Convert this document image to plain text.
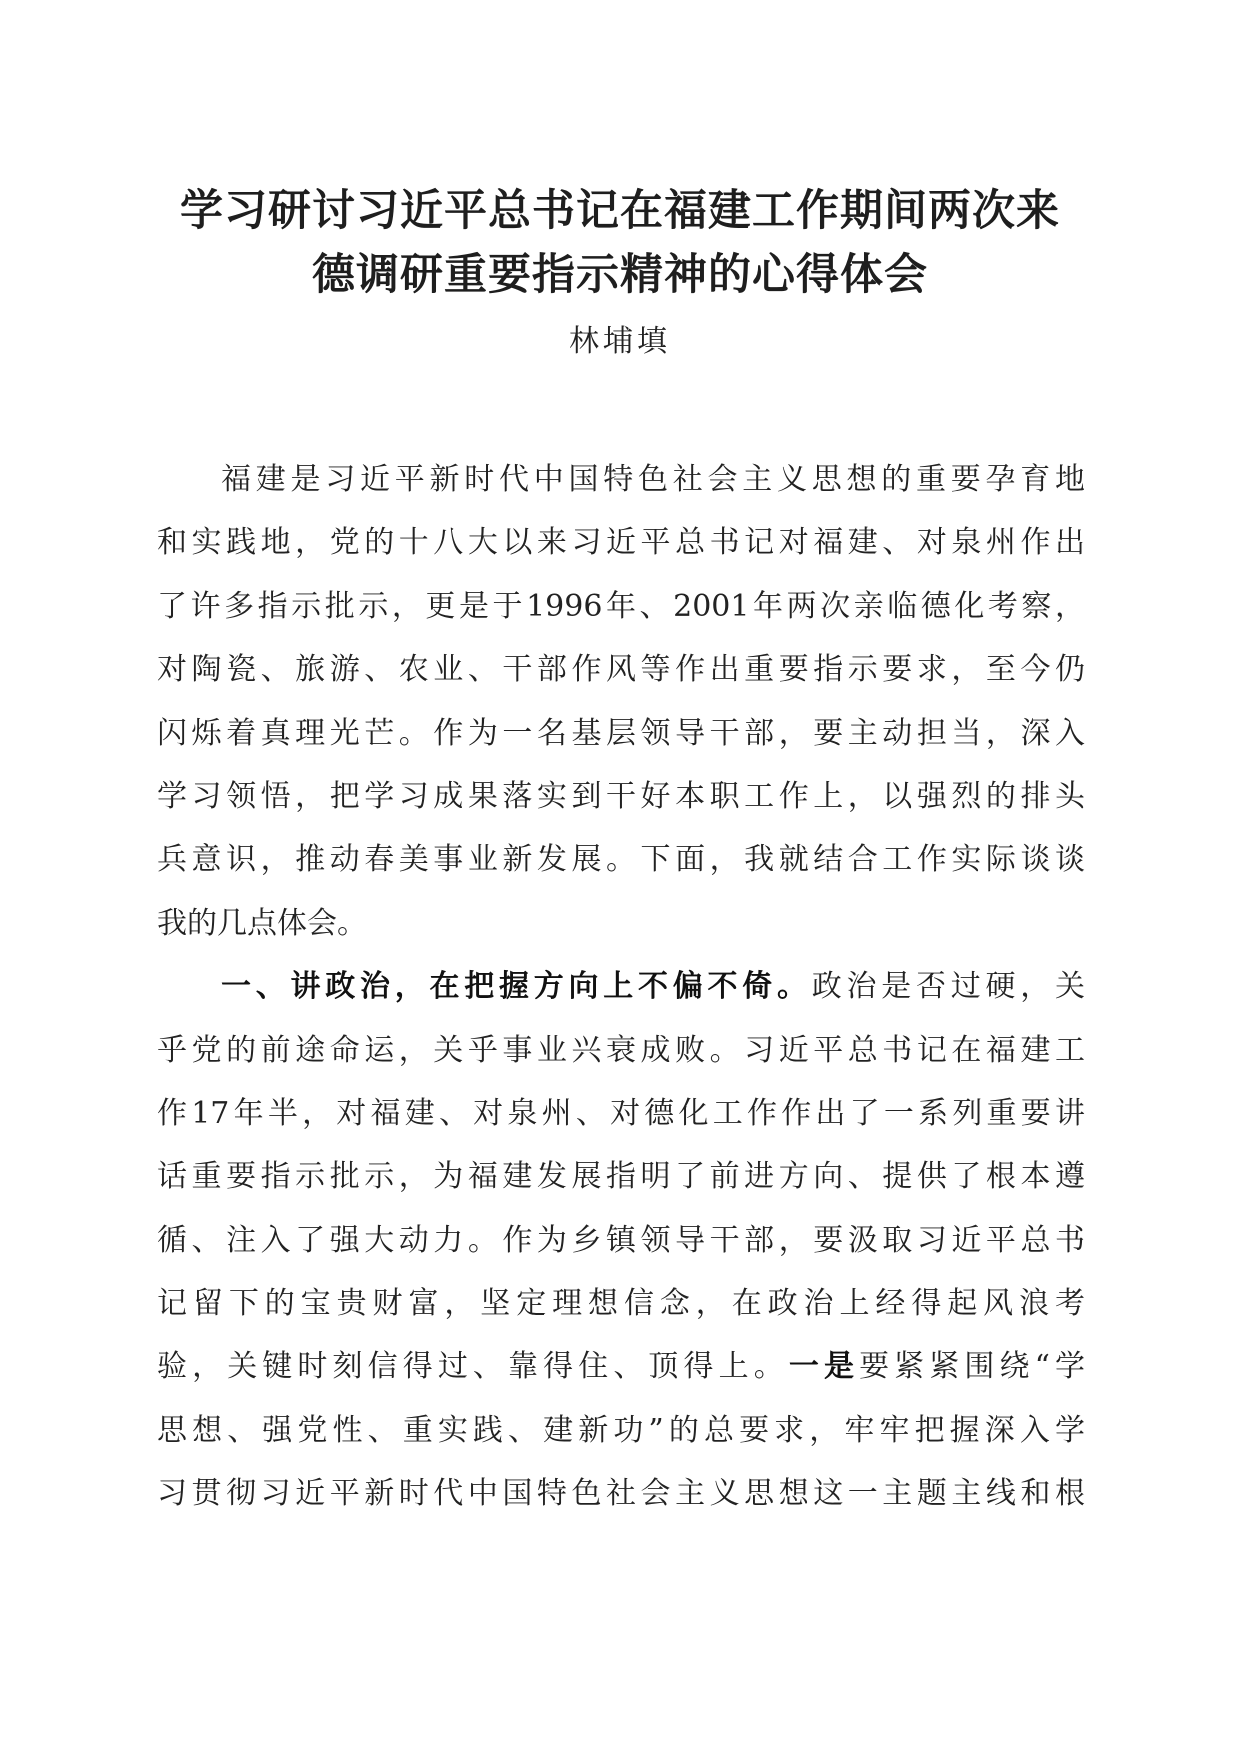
学习研讨习近平总书记在福建工作期间两次来
德调研重要指示精神的心得体会
林埔填
福建是习近平新时代中国特色社会主义思想的重要孕育地
和实践地，党的十八大以来习近平总书记对福建、对泉州作出
了许多指示批示，更是于1996年、2001年两次亲临德化考察，
对陶瓷、旅游、农业、干部作风等作出重要指示要求，至今仍
闪烁着真理光芒。作为一名基层领导干部，要主动担当，深入
学习领悟，把学习成果落实到干好本职工作上，以强烈的排头
兵意识，推动春美事业新发展。下面，我就结合工作实际谈谈
我的几点体会。
一、讲政治，在把握方向上不偏不倚。政治是否过硬，关
乎党的前途命运，关乎事业兴衰成败。习近平总书记在福建工
作17年半，对福建、对泉州、对德化工作作出了一系列重要讲
话重要指示批示，为福建发展指明了前进方向、提供了根本遵
循、注入了强大动力。作为乡镇领导干部，要汲取习近平总书
记留下的宝贵财富，坚定理想信念，在政治上经得起风浪考
验，关键时刻信得过、靠得住、顶得上。一是要紧紧围绕“学
思想、强党性、重实践、建新功”的总要求，牢牢把握深入学
习贯彻习近平新时代中国特色社会主义思想这一主题主线和根
